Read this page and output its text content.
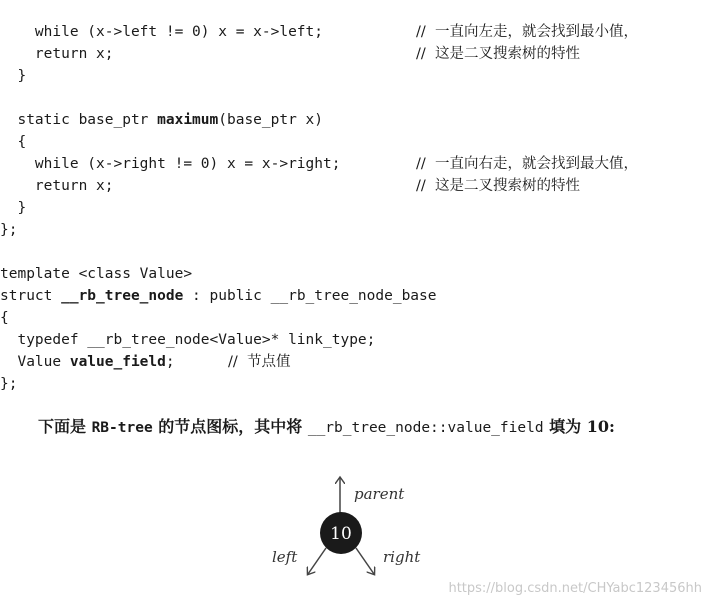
while (x->left != 0) x = x->left;	//  一直向左走，就会找到最小值，
return x;	//  这是二叉搜索树的特性
}
static base_ptr maximum(base_ptr x)
{
while (x->right != 0) x = x->right;	//  一直向右走，就会找到最大值，
return x;	//  这是二叉搜索树的特性
}
};
template <class Value>
struct __rb_tree_node : public __rb_tree_node_base
{
typedef __rb_tree_node<Value>* link_type;
Value value_field; //  节点值
};
下面是 RB-tree 的节点图标，其中将 __rb_tree_node::value_field 填为 10:
10
parent
left	right
https://blog.csdn.net/CHYabc123456hh
